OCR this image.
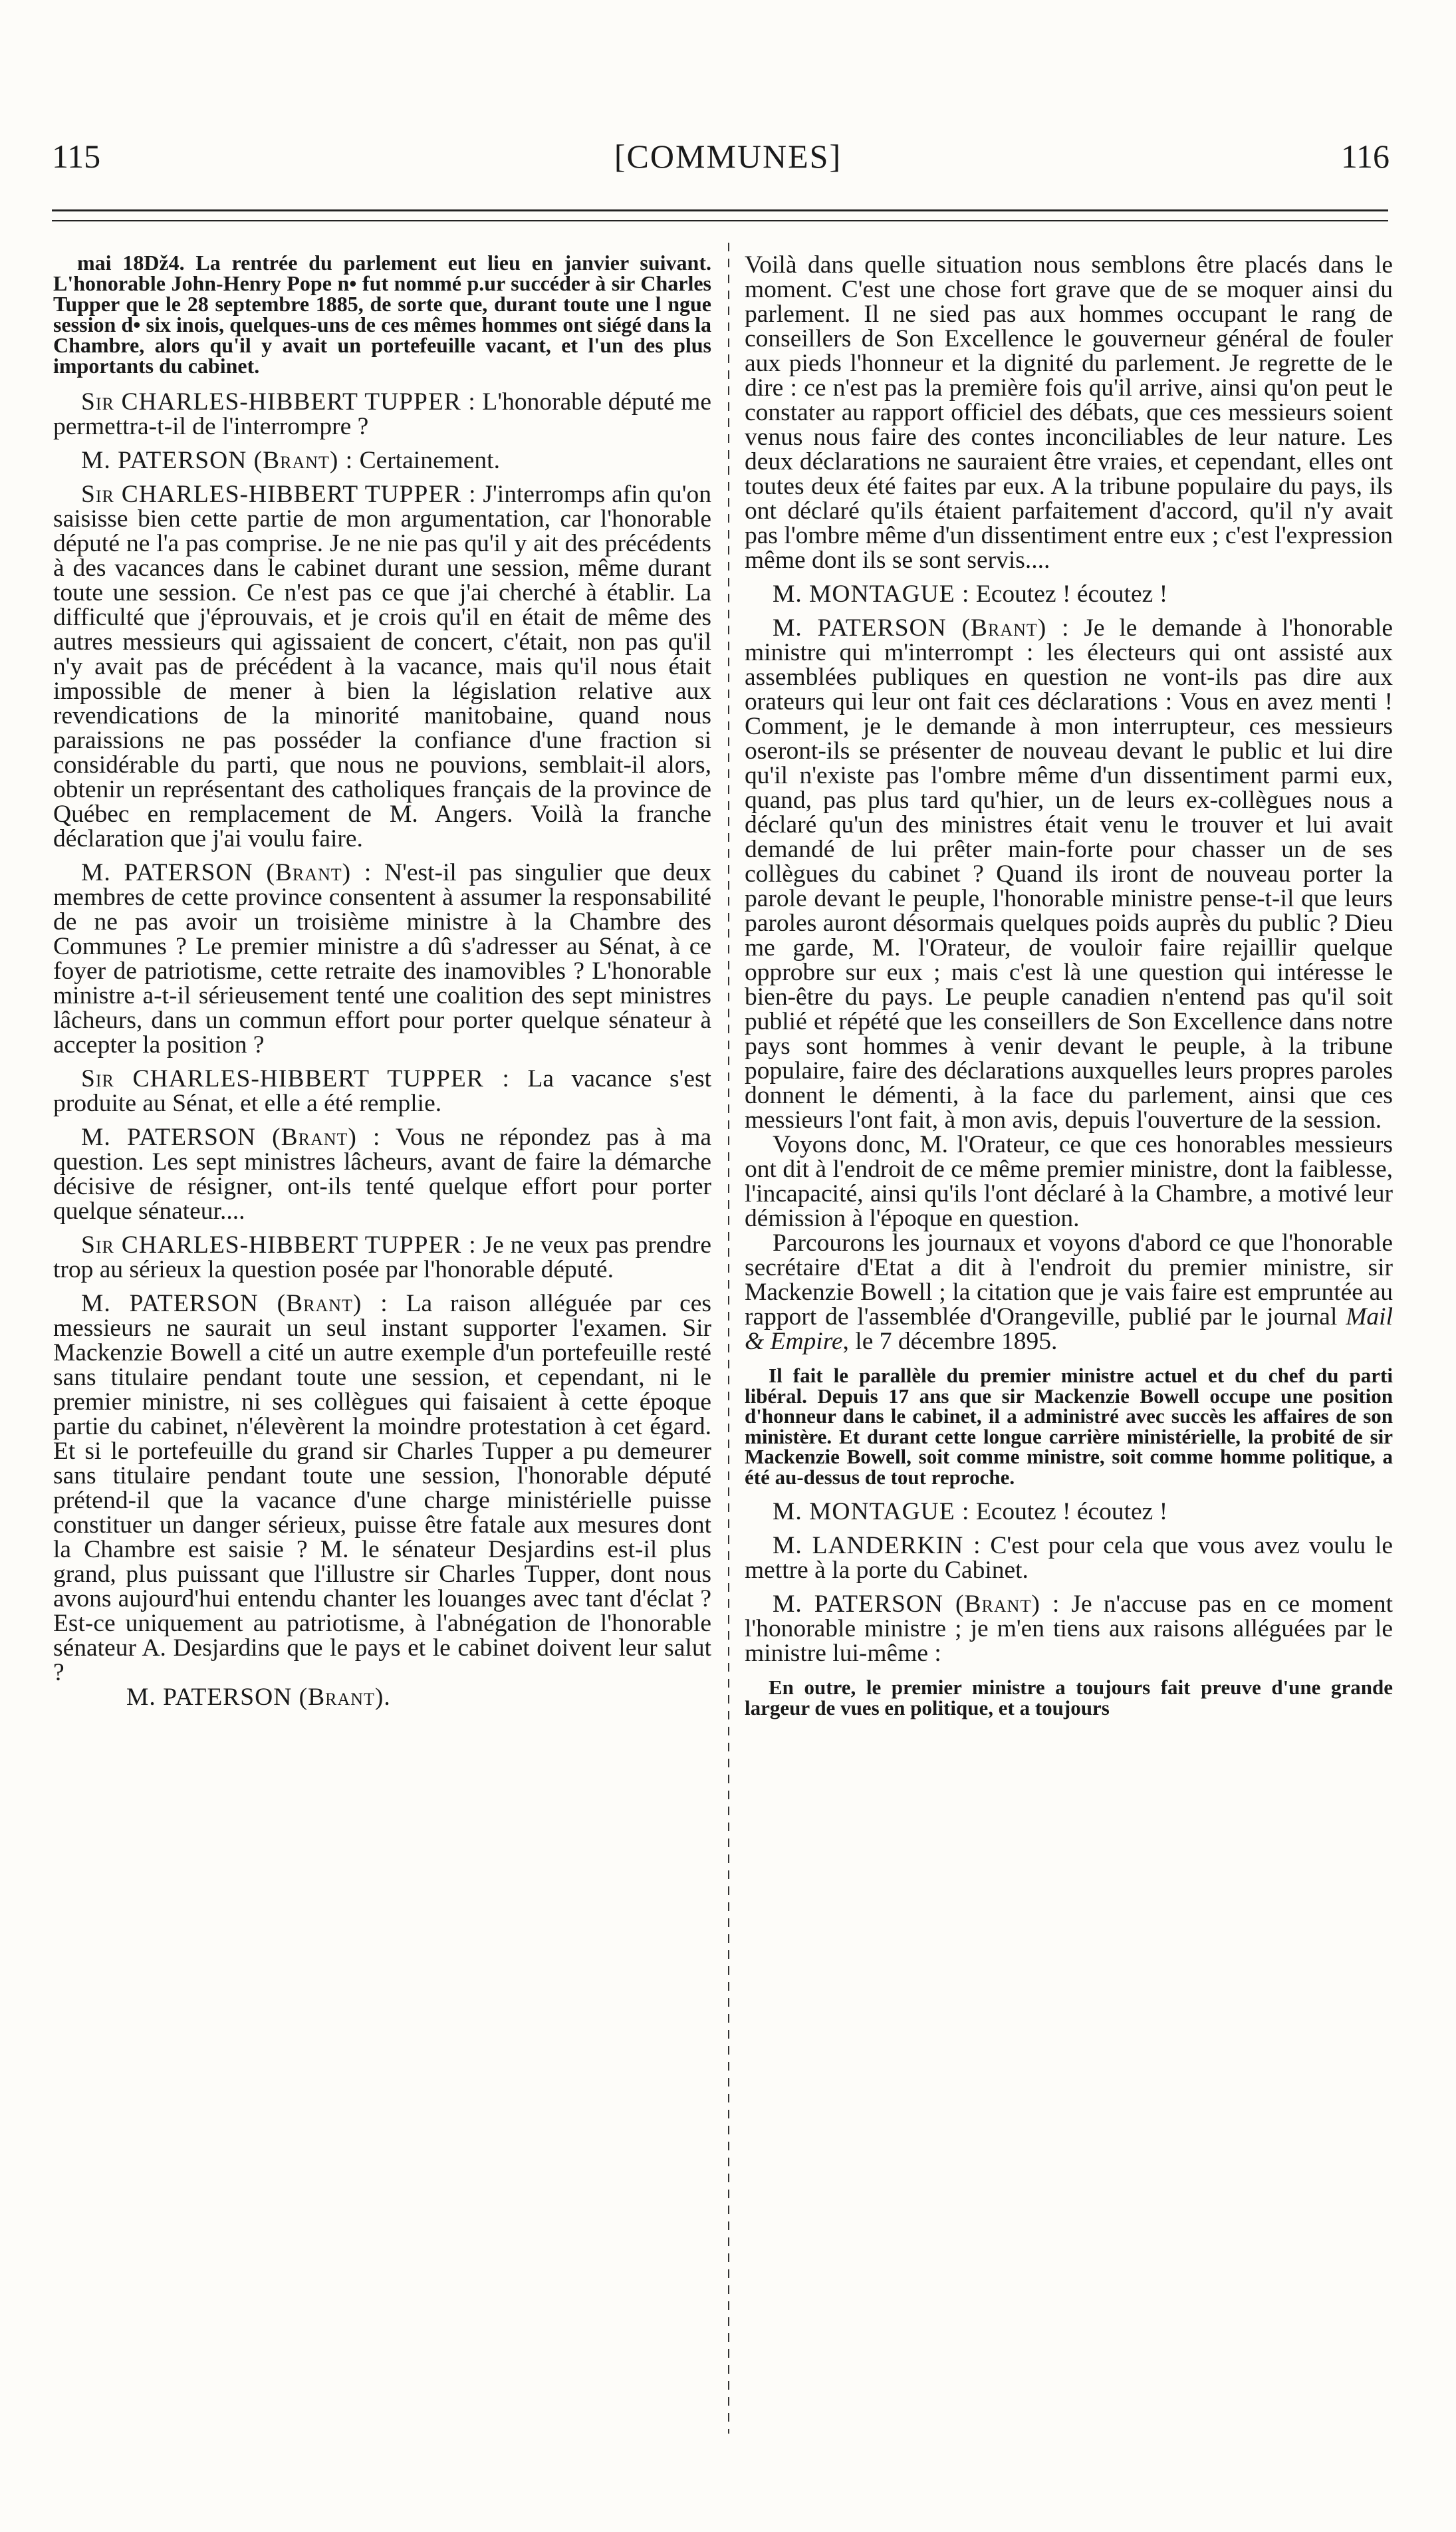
115	[COMMUNES]	116

mai 18ǅ4. La rentrée du parlement eut lieu en janvier suivant. L'honorable John-Henry Pope n• fut nommé p.ur succéder à sir Charles Tupper que le 28 septembre 1885, de sorte que, durant toute une l ngue session d• six inois, quelques-uns de ces mêmes hommes ont siégé dans la Chambre, alors qu'il y avait un portefeuille vacant, et l'un des plus importants du cabinet.

Sir CHARLES-HIBBERT TUPPER : L'honorable député me permettra-t-il de l'interrompre ?

M. PATERSON (Brant) : Certainement.

Sir CHARLES-HIBBERT TUPPER : J'interromps afin qu'on saisisse bien cette partie de mon argumentation, car l'honorable député ne l'a pas comprise. Je ne nie pas qu'il y ait des précédents à des vacances dans le cabinet durant une session, même durant toute une session. Ce n'est pas ce que j'ai cherché à établir. La difficulté que j'éprouvais, et je crois qu'il en était de même des autres messieurs qui agissaient de concert, c'était, non pas qu'il n'y avait pas de précédent à la vacance, mais qu'il nous était impossible de mener à bien la législation relative aux revendications de la minorité manitobaine, quand nous paraissions ne pas posséder la confiance d'une fraction si considérable du parti, que nous ne pouvions, semblait-il alors, obtenir un représentant des catholiques français de la province de Québec en remplacement de M. Angers. Voilà la franche déclaration que j'ai voulu faire.

M. PATERSON (Brant) : N'est-il pas singulier que deux membres de cette province consentent à assumer la responsabilité de ne pas avoir un troisième ministre à la Chambre des Communes ? Le premier ministre a dû s'adresser au Sénat, à ce foyer de patriotisme, cette retraite des inamovibles ? L'honorable ministre a-t-il sérieusement tenté une coalition des sept ministres lâcheurs, dans un commun effort pour porter quelque sénateur à accepter la position ?

Sir CHARLES-HIBBERT TUPPER : La vacance s'est produite au Sénat, et elle a été remplie.

M. PATERSON (Brant) : Vous ne répondez pas à ma question. Les sept ministres lâcheurs, avant de faire la démarche décisive de résigner, ont-ils tenté quelque effort pour porter quelque sénateur....

Sir CHARLES-HIBBERT TUPPER : Je ne veux pas prendre trop au sérieux la question posée par l'honorable député.

M. PATERSON (Brant) : La raison alléguée par ces messieurs ne saurait un seul instant supporter l'examen. Sir Mackenzie Bowell a cité un autre exemple d'un portefeuille resté sans titulaire pendant toute une session, et cependant, ni le premier ministre, ni ses collègues qui faisaient à cette époque partie du cabinet, n'élevèrent la moindre protestation à cet égard. Et si le portefeuille du grand sir Charles Tupper a pu demeurer sans titulaire pendant toute une session, l'honorable député prétend-il que la vacance d'une charge ministérielle puisse constituer un danger sérieux, puisse être fatale aux mesures dont la Chambre est saisie ? M. le sénateur Desjardins est-il plus grand, plus puissant que l'illustre sir Charles Tupper, dont nous avons aujourd'hui entendu chanter les louanges avec tant d'éclat ? Est-ce uniquement au patriotisme, à l'abnégation de l'honorable sénateur A. Desjardins que le pays et le cabinet doivent leur salut ?

M. PATERSON (Brant).

Voilà dans quelle situation nous semblons être placés dans le moment. C'est une chose fort grave que de se moquer ainsi du parlement. Il ne sied pas aux hommes occupant le rang de conseillers de Son Excellence le gouverneur général de fouler aux pieds l'honneur et la dignité du parlement. Je regrette de le dire : ce n'est pas la première fois qu'il arrive, ainsi qu'on peut le constater au rapport officiel des débats, que ces messieurs soient venus nous faire des contes inconciliables de leur nature. Les deux déclarations ne sauraient être vraies, et cependant, elles ont toutes deux été faites par eux. A la tribune populaire du pays, ils ont déclaré qu'ils étaient parfaitement d'accord, qu'il n'y avait pas l'ombre même d'un dissentiment entre eux ; c'est l'expression même dont ils se sont servis....

M. MONTAGUE : Ecoutez ! écoutez !

M. PATERSON (Brant) : Je le demande à l'honorable ministre qui m'interrompt : les électeurs qui ont assisté aux assemblées publiques en question ne vont-ils pas dire aux orateurs qui leur ont fait ces déclarations : Vous en avez menti ! Comment, je le demande à mon interrupteur, ces messieurs oseront-ils se présenter de nouveau devant le public et lui dire qu'il n'existe pas l'ombre même d'un dissentiment parmi eux, quand, pas plus tard qu'hier, un de leurs ex-collègues nous a déclaré qu'un des ministres était venu le trouver et lui avait demandé de lui prêter main-forte pour chasser un de ses collègues du cabinet ? Quand ils iront de nouveau porter la parole devant le peuple, l'honorable ministre pense-t-il que leurs paroles auront désormais quelques poids auprès du public ? Dieu me garde, M. l'Orateur, de vouloir faire rejaillir quelque opprobre sur eux ; mais c'est là une question qui intéresse le bien-être du pays. Le peuple canadien n'entend pas qu'il soit publié et répété que les conseillers de Son Excellence dans notre pays sont hommes à venir devant le peuple, à la tribune populaire, faire des déclarations auxquelles leurs propres paroles donnent le démenti, à la face du parlement, ainsi que ces messieurs l'ont fait, à mon avis, depuis l'ouverture de la session.

Voyons donc, M. l'Orateur, ce que ces honorables messieurs ont dit à l'endroit de ce même premier ministre, dont la faiblesse, l'incapacité, ainsi qu'ils l'ont déclaré à la Chambre, a motivé leur démission à l'époque en question.

Parcourons les journaux et voyons d'abord ce que l'honorable secrétaire d'Etat a dit à l'endroit du premier ministre, sir Mackenzie Bowell ; la citation que je vais faire est empruntée au rapport de l'assemblée d'Orangeville, publié par le journal Mail & Empire, le 7 décembre 1895.

Il fait le parallèle du premier ministre actuel et du chef du parti libéral. Depuis 17 ans que sir Mackenzie Bowell occupe une position d'honneur dans le cabinet, il a administré avec succès les affaires de son ministère. Et durant cette longue carrière ministérielle, la probité de sir Mackenzie Bowell, soit comme ministre, soit comme homme politique, a été au-dessus de tout reproche.

M. MONTAGUE : Ecoutez ! écoutez !

M. LANDERKIN : C'est pour cela que vous avez voulu le mettre à la porte du Cabinet.

M. PATERSON (Brant) : Je n'accuse pas en ce moment l'honorable ministre ; je m'en tiens aux raisons alléguées par le ministre lui-même :

En outre, le premier ministre a toujours fait preuve d'une grande largeur de vues en politique, et a toujours
